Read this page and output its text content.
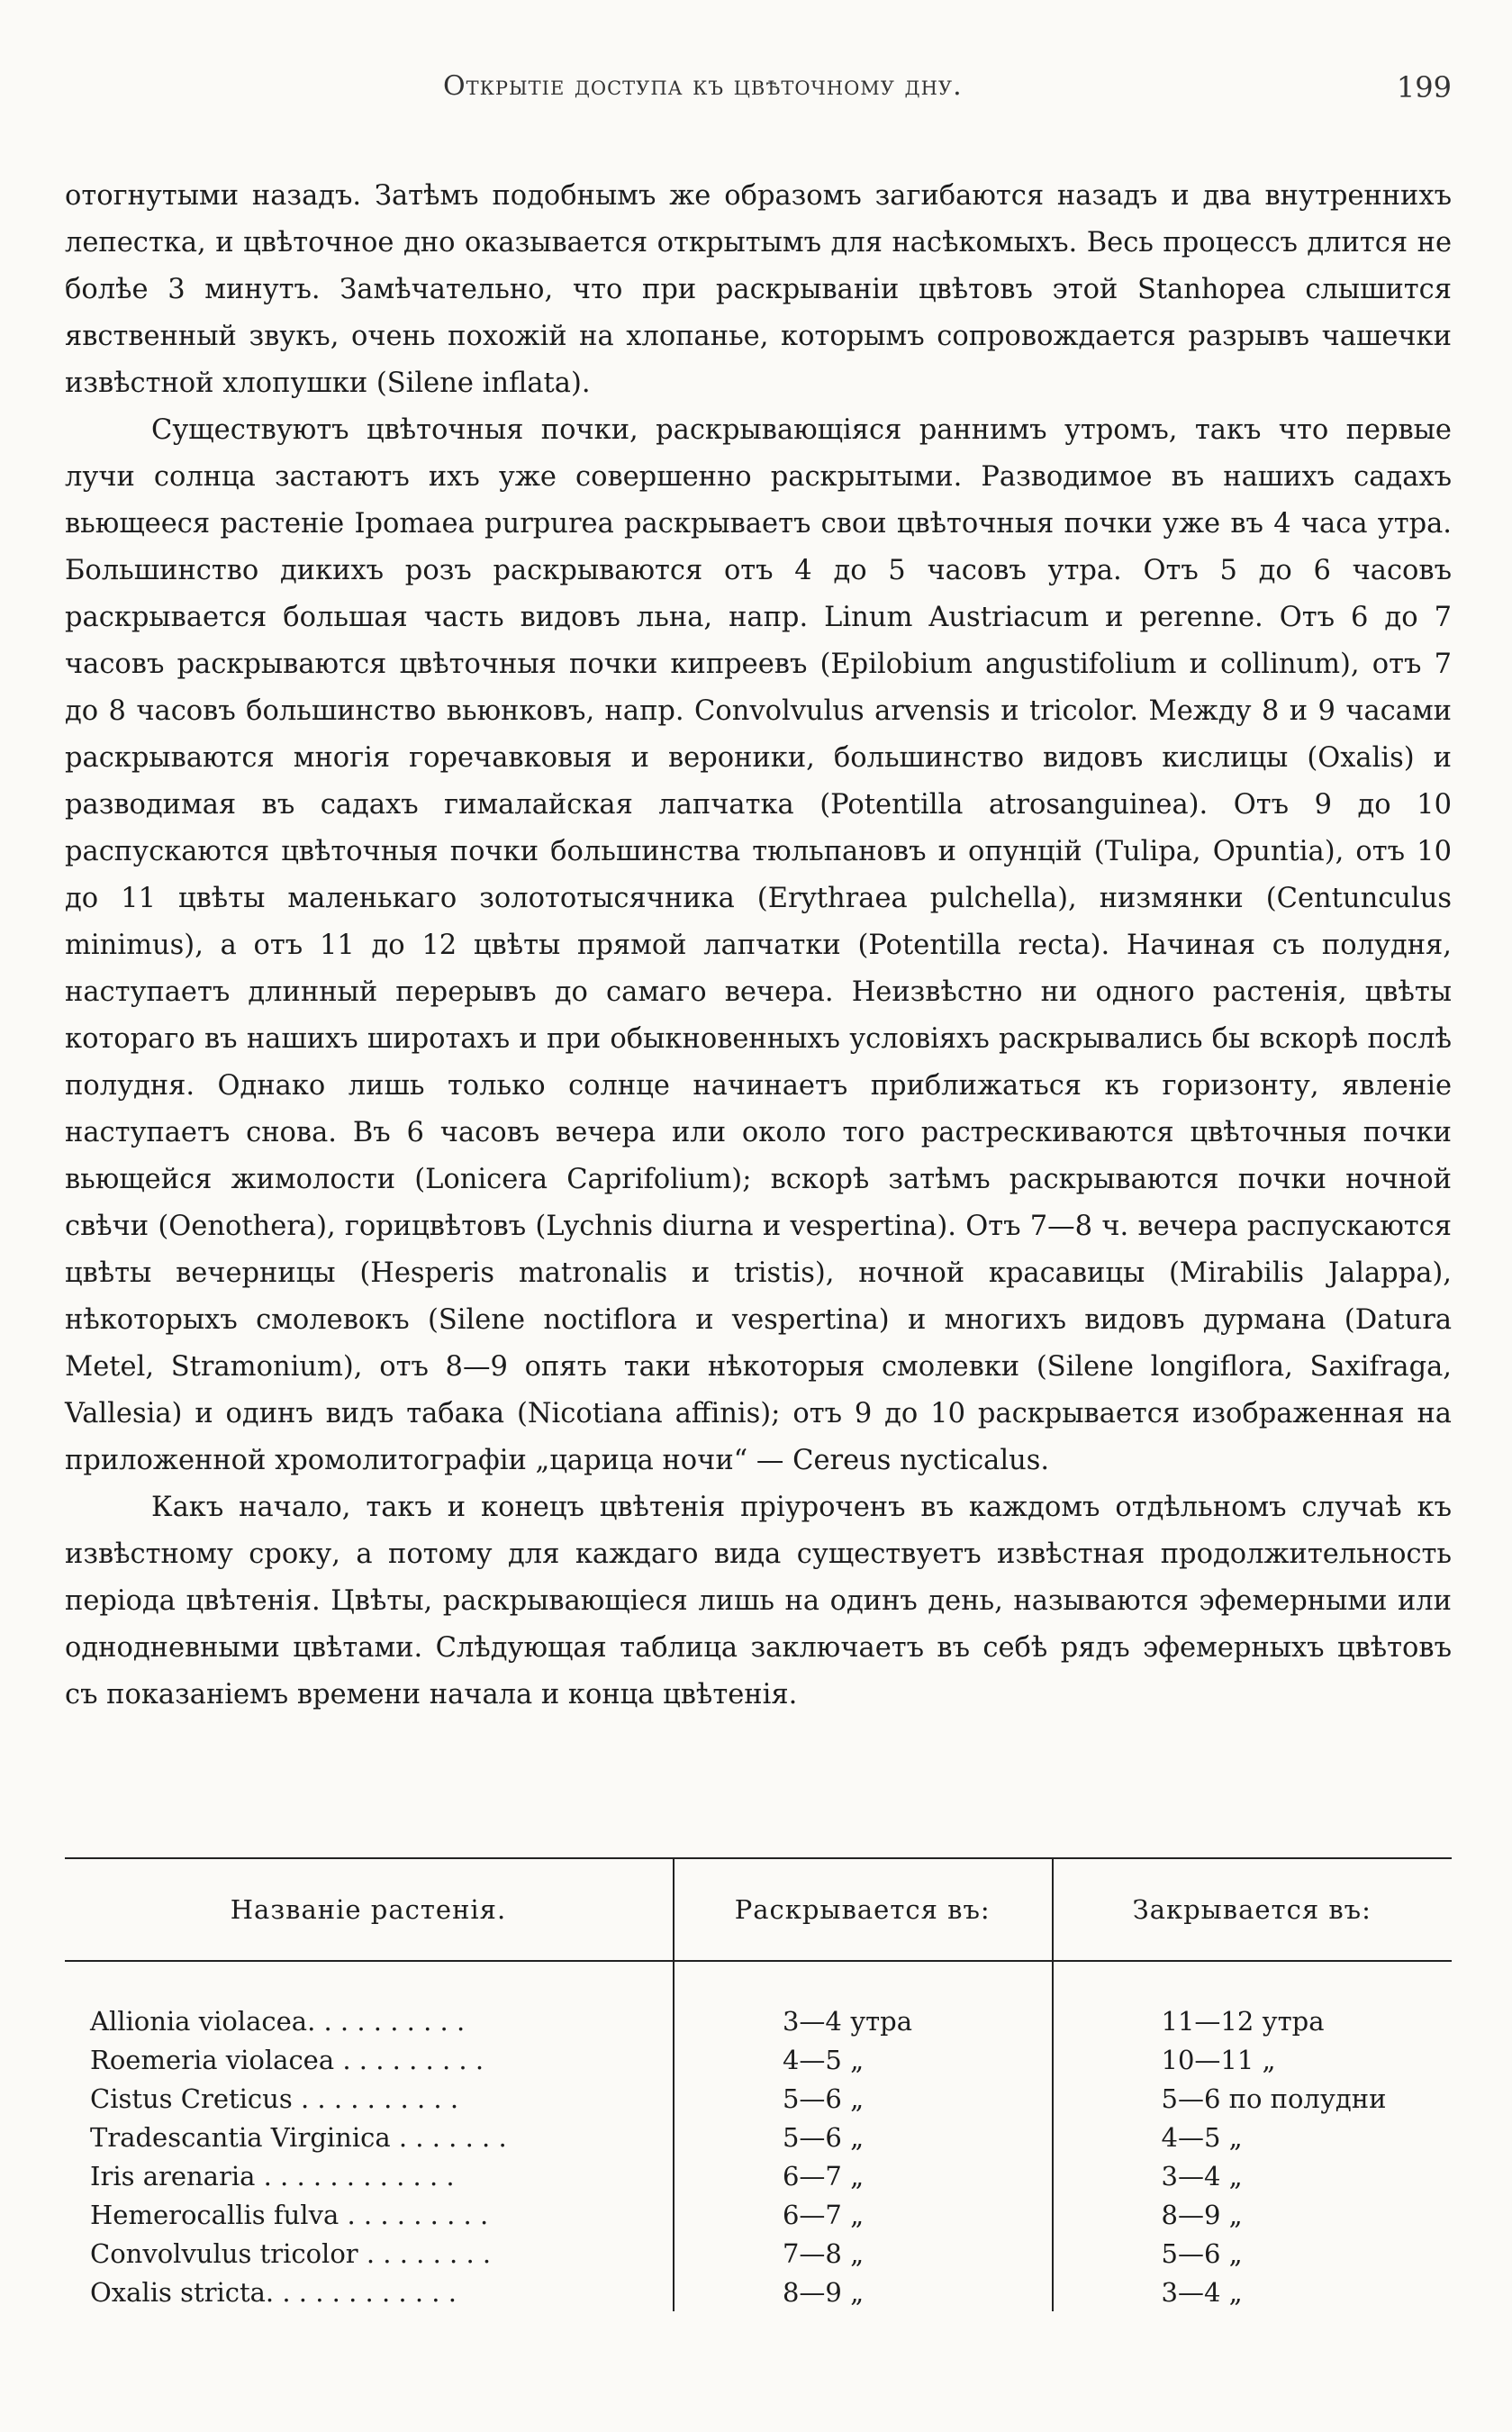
Открытіе доступа къ цвѣточному дну.	199

отогнутыми назадъ. Затѣмъ подобнымъ же образомъ загибаются назадъ и два внутреннихъ лепестка, и цвѣточное дно оказывается открытымъ для насѣкомыхъ. Весь процессъ длится не болѣе 3 минутъ. Замѣчательно, что при раскрываніи цвѣтовъ этой Stanhopea слышится явственный звукъ, очень похожій на хлопанье, которымъ сопровождается разрывъ чашечки извѣстной хлопушки (Silene inflata).

Существуютъ цвѣточныя почки, раскрывающіяся раннимъ утромъ, такъ что первые лучи солнца застаютъ ихъ уже совершенно раскрытыми. Разводимое въ нашихъ садахъ вьющееся растеніе Ipomaea purpurea раскрываетъ свои цвѣточныя почки уже въ 4 часа утра. Большинство дикихъ розъ раскрываются отъ 4 до 5 часовъ утра. Отъ 5 до 6 часовъ раскрывается большая часть видовъ льна, напр. Linum Austriacum и perenne. Отъ 6 до 7 часовъ раскрываются цвѣточныя почки кипреевъ (Epilobium angustifolium и collinum), отъ 7 до 8 часовъ большинство вьюнковъ, напр. Convolvulus arvensis и tricolor. Между 8 и 9 часами раскрываются многія горечавковыя и вероники, большинство видовъ кислицы (Oxalis) и разводимая въ садахъ гималайская лапчатка (Potentilla atrosanguinea). Отъ 9 до 10 распускаются цвѣточныя почки большинства тюльпановъ и опунцій (Tulipa, Opuntia), отъ 10 до 11 цвѣты маленькаго золототысячника (Erythraea pulchella), низмянки (Centunculus minimus), а отъ 11 до 12 цвѣты прямой лапчатки (Potentilla recta). Начиная съ полудня, наступаетъ длинный перерывъ до самаго вечера. Неизвѣстно ни одного растенія, цвѣты котораго въ нашихъ широтахъ и при обыкновенныхъ условіяхъ раскрывались бы вскорѣ послѣ полудня. Однако лишь только солнце начинаетъ приближаться къ горизонту, явленіе наступаетъ снова. Въ 6 часовъ вечера или около того растрескиваются цвѣточныя почки вьющейся жимолости (Lonicera Caprifolium); вскорѣ затѣмъ раскрываются почки ночной свѣчи (Oenothera), горицвѣтовъ (Lychnis diurna и vespertina). Отъ 7—8 ч. вечера распускаются цвѣты вечерницы (Hesperis matronalis и tristis), ночной красавицы (Mirabilis Jalappa), нѣкоторыхъ смолевокъ (Silene noctiflora и vespertina) и многихъ видовъ дурмана (Datura Metel, Stramonium), отъ 8—9 опять таки нѣкоторыя смолевки (Silene longiflora, Saxifraga, Vallesia) и одинъ видъ табака (Nicotiana affinis); отъ 9 до 10 раскрывается изображенная на приложенной хромолитографіи „царица ночи“ — Cereus nycticalus.

Какъ начало, такъ и конецъ цвѣтенія пріуроченъ въ каждомъ отдѣльномъ случаѣ къ извѣстному сроку, а потому для каждаго вида существуетъ извѣстная продолжительность періода цвѣтенія. Цвѣты, раскрывающіеся лишь на одинъ день, называются эфемерными или однодневными цвѣтами. Слѣдующая таблица заключаетъ въ себѣ рядъ эфемерныхъ цвѣтовъ съ показаніемъ времени начала и конца цвѣтенія.

Названіе растенія.	Раскрывается въ:	Закрывается въ:

Allionia violacea. . . . . . . . . .	3—4 утра	11—12 утра
Roemeria violacea . . . . . . . . .	4—5 „	10—11 „
Cistus Creticus . . . . . . . . . .	5—6 „	5—6 по полудни
Tradescantia Virginica . . . . . . .	5—6 „	4—5 „
Iris arenaria . . . . . . . . . . . .	6—7 „	3—4 „
Hemerocallis fulva . . . . . . . . .	6—7 „	8—9 „
Convolvulus tricolor . . . . . . . .	7—8 „	5—6 „
Oxalis stricta. . . . . . . . . . . .	8—9 „	3—4 „
